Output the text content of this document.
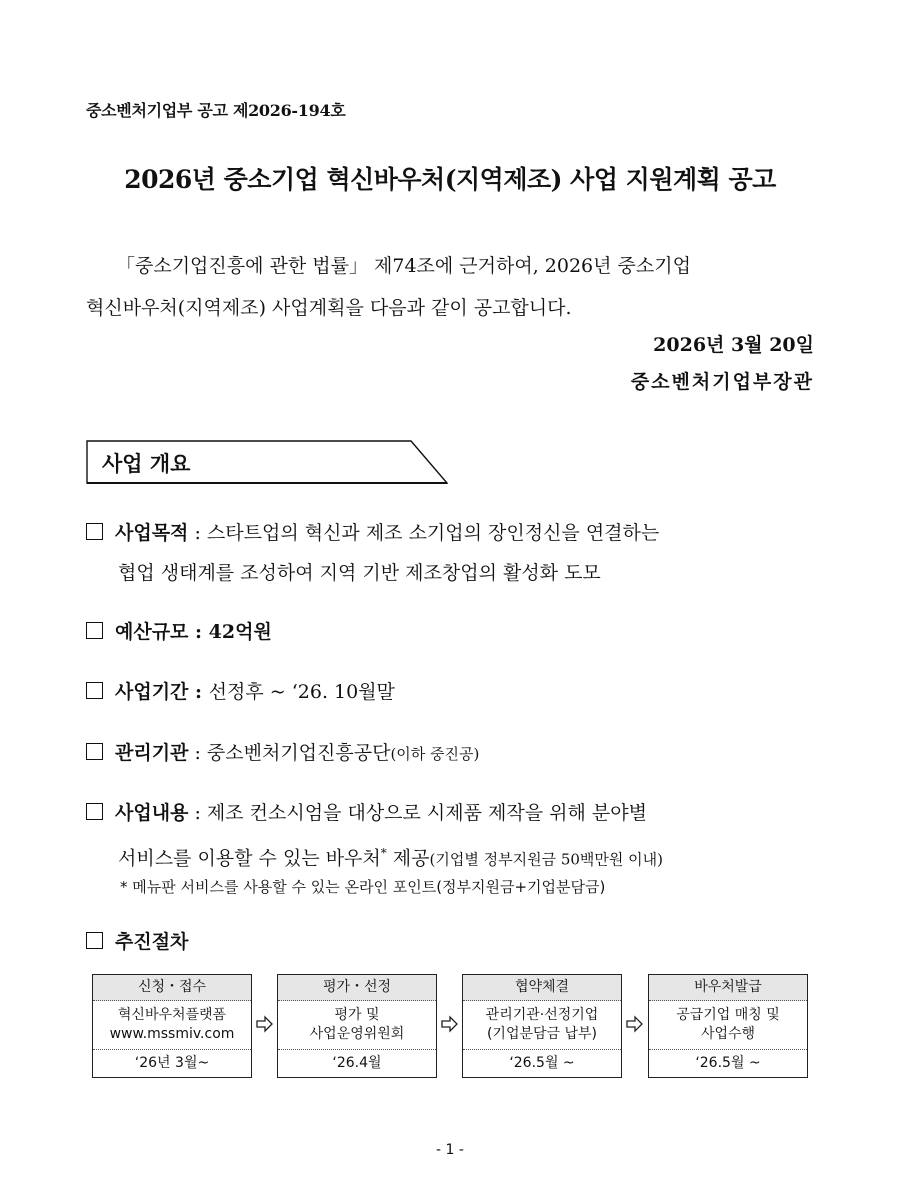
중소벤처기업부 공고 제2026-194호
2026년 중소기업 혁신바우처(지역제조) 사업 지원계획 공고
「중소기업진흥에 관한 법률」 제74조에 근거하여, 2026년 중소기업
혁신바우처(지역제조) 사업계획을 다음과 같이 공고합니다.
2026년 3월 20일
중소벤처기업부장관
사업 개요
사업목적 : 스타트업의 혁신과 제조 소기업의 장인정신을 연결하는
협업 생태계를 조성하여 지역 기반 제조창업의 활성화 도모
예산규모 : 42억원
사업기간 : 선정후 ~ ‘26. 10월말
관리기관 : 중소벤처기업진흥공단(이하 중진공)
사업내용 : 제조 컨소시엄을 대상으로 시제품 제작을 위해 분야별
서비스를 이용할 수 있는 바우처* 제공(기업별 정부지원금 50백만원 이내)
* 메뉴판 서비스를 사용할 수 있는 온라인 포인트(정부지원금+기업분담금)
추진절차
신청・접수
혁신바우처플랫폼
www.mssmiv.com
‘26년 3월~
평가・선정
평가 및
사업운영위원회
‘26.4월
협약체결
관리기관·선정기업
(기업분담금 납부)
‘26.5월 ~
바우처발급
공급기업 매칭 및
사업수행
‘26.5월 ~
- 1 -
